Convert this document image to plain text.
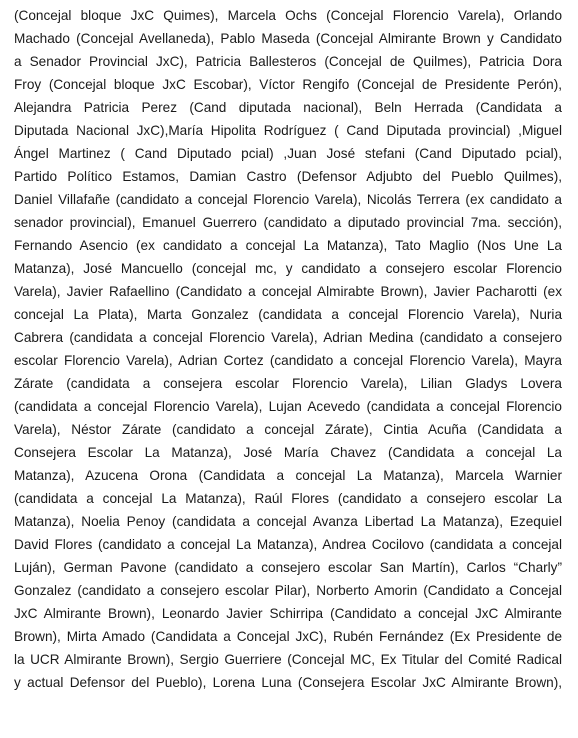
(Concejal bloque JxC Quimes), Marcela Ochs (Concejal Florencio Varela), Orlando
Machado (Concejal Avellaneda), Pablo Maseda (Concejal Almirante Brown y Candidato
a Senador Provincial JxC), Patricia Ballesteros (Concejal de Quilmes), Patricia Dora
Froy (Concejal bloque JxC Escobar), Víctor Rengifo (Concejal de Presidente Perón),
Alejandra Patricia Perez (Cand diputada nacional), Beln Herrada (Candidata a
Diputada Nacional JxC),María Hipolita Rodríguez ( Cand Diputada provincial) ,Miguel
Ángel Martinez ( Cand Diputado pcial) ,Juan José stefani (Cand Diputado pcial),
Partido Político Estamos, Damian Castro (Defensor Adjubto del Pueblo Quilmes),
Daniel Villafañe (candidato a concejal Florencio Varela), Nicolás Terrera (ex candidato a
senador provincial), Emanuel Guerrero (candidato a diputado provincial 7ma. sección),
Fernando Asencio (ex candidato a concejal La Matanza), Tato Maglio (Nos Une La
Matanza), José Mancuello (concejal mc, y candidato a consejero escolar Florencio
Varela), Javier Rafaellino (Candidato a concejal Almirabte Brown), Javier Pacharotti (ex
concejal La Plata), Marta Gonzalez (candidata a concejal Florencio Varela), Nuria
Cabrera (candidata a concejal Florencio Varela), Adrian Medina (candidato a consejero
escolar Florencio Varela), Adrian Cortez (candidato a concejal Florencio Varela), Mayra
Zárate (candidata a consejera escolar Florencio Varela), Lilian Gladys Lovera
(candidata a concejal Florencio Varela), Lujan Acevedo (candidata a concejal Florencio
Varela), Néstor Zárate (candidato a concejal Zárate), Cintia Acuña (Candidata a
Consejera Escolar La Matanza), José María Chavez (Candidata a concejal La
Matanza), Azucena Orona (Candidata a concejal La Matanza), Marcela Warnier
(candidata a concejal La Matanza), Raúl Flores (candidato a consejero escolar La
Matanza), Noelia Penoy (candidata a concejal Avanza Libertad La Matanza), Ezequiel
David Flores (candidato a concejal La Matanza), Andrea Cocilovo (candidata a concejal
Luján), German Pavone (candidato a consejero escolar San Martín), Carlos “Charly”
Gonzalez (candidato a consejero escolar Pilar), Norberto Amorin (Candidato a Concejal
JxC Almirante Brown), Leonardo Javier Schirripa (Candidato a concejal JxC Almirante
Brown), Mirta Amado (Candidata a Concejal JxC), Rubén Fernández (Ex Presidente de
la UCR Almirante Brown), Sergio Guerriere (Concejal MC, Ex Titular del Comité Radical
y actual Defensor del Pueblo), Lorena Luna (Consejera Escolar JxC Almirante Brown),
